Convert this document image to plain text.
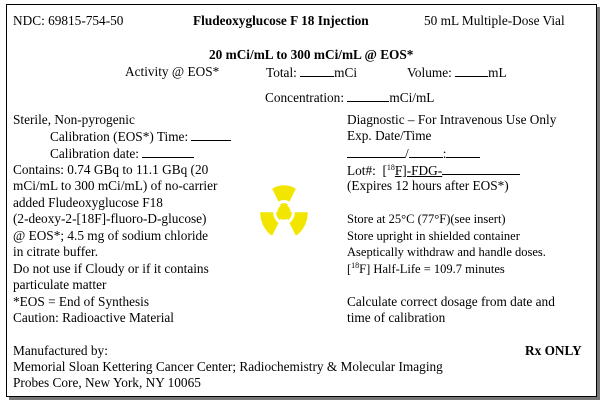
NDC: 69815-754-50	Fludeoxyglucose F 18 Injection	50 mL Multiple-Dose Vial
20 mCi/mL to 300 mCi/mL @ EOS*
Activity @ EOS*	Total:	mCi	Volume:	mL
Concentration:	mCi/mL
Sterile, Non-pyrogenic
Calibration (EOS*) Time:
Calibration date:
Contains: 0.74 GBq to 11.1 GBq (20
mCi/mL to 300 mCi/mL) of no-carrier
added Fludeoxyglucose F18
(2-deoxy-2-[18F]-fluoro-D-glucose)
@ EOS*; 4.5 mg of sodium chloride
in citrate buffer.
Do not use if Cloudy or if it contains
particulate matter
*EOS = End of Synthesis
Caution: Radioactive Material
Diagnostic – For Intravenous Use Only
Exp. Date/Time
/	:
Lot#: [$^{18}$F]-FDG-
(Expires 12 hours after EOS*)
Store at 25°C (77°F)(see insert)
Store upright in shielded container
Aseptically withdraw and handle doses.
[$^{18}$F] Half-Life = 109.7 minutes
Calculate correct dosage from date and
time of calibration
Manufactured by:	Rx ONLY
Memorial Sloan Kettering Cancer Center; Radiochemistry & Molecular Imaging
Probes Core, New York, NY 10065
